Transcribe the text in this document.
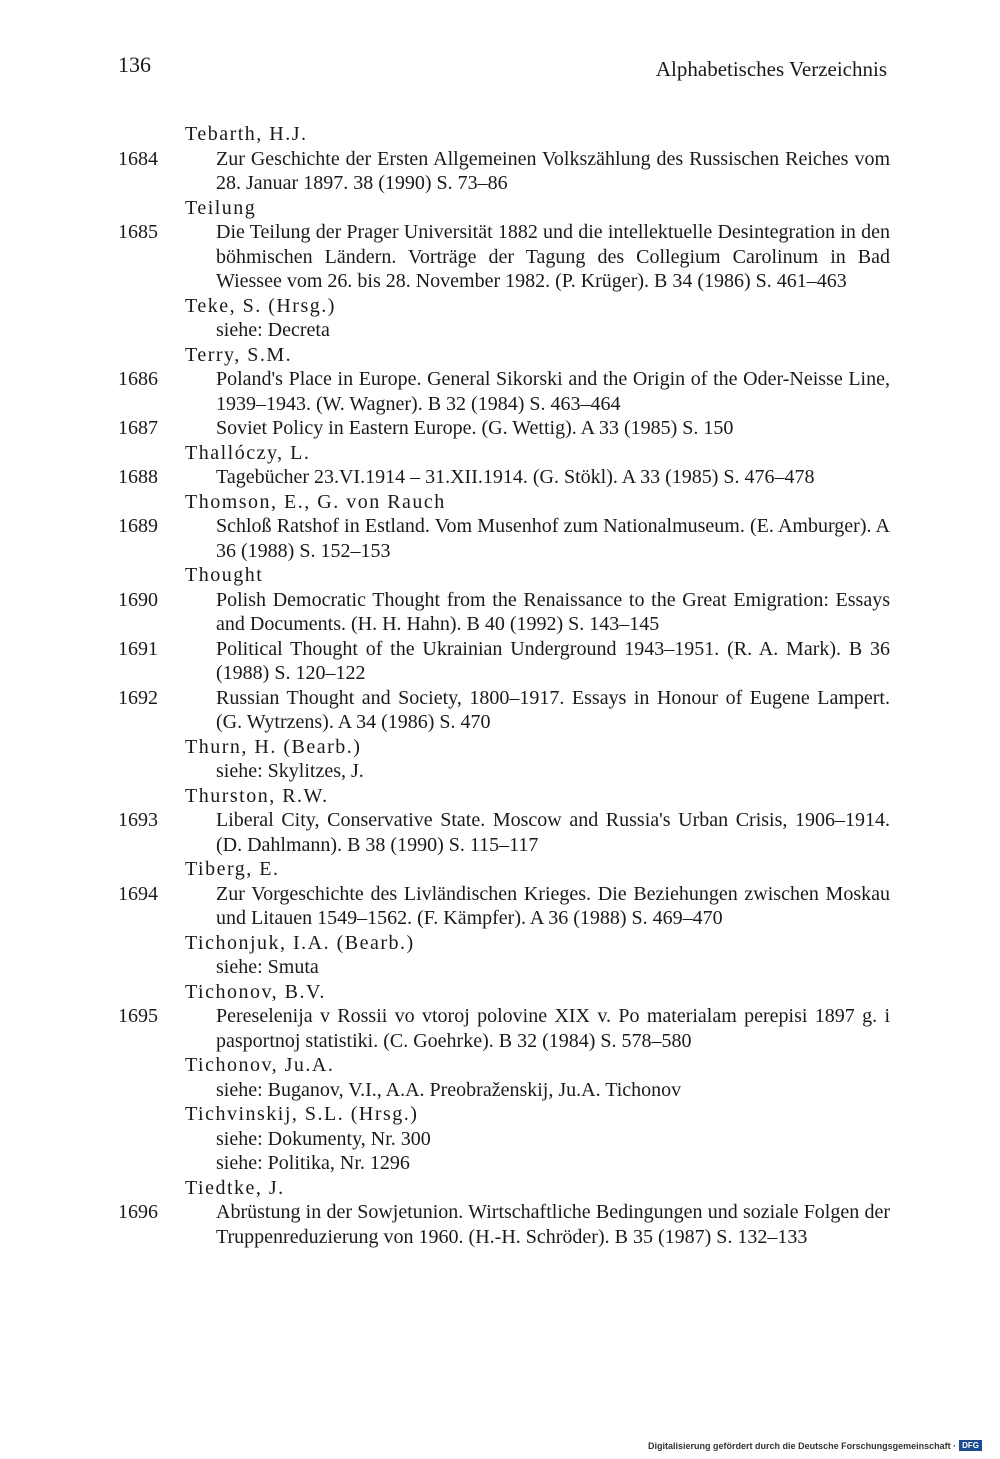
136	Alphabetisches Verzeichnis
Tebarth, H.J.
1684	Zur Geschichte der Ersten Allgemeinen Volkszählung des Russischen Reiches vom 28. Januar 1897. 38 (1990) S. 73–86
Teilung
1685	Die Teilung der Prager Universität 1882 und die intellektuelle Desintegration in den böhmischen Ländern. Vorträge der Tagung des Collegium Carolinum in Bad Wiessee vom 26. bis 28. November 1982. (P. Krüger). B 34 (1986) S. 461–463
Teke, S. (Hrsg.)
siehe: Decreta
Terry, S.M.
1686	Poland's Place in Europe. General Sikorski and the Origin of the Oder-Neisse Line, 1939–1943. (W. Wagner). B 32 (1984) S. 463–464
1687	Soviet Policy in Eastern Europe. (G. Wettig). A 33 (1985) S. 150
Thallóczy, L.
1688	Tagebücher 23.VI.1914 – 31.XII.1914. (G. Stökl). A 33 (1985) S. 476–478
Thomson, E., G. von Rauch
1689	Schloß Ratshof in Estland. Vom Musenhof zum Nationalmuseum. (E. Amburger). A 36 (1988) S. 152–153
Thought
1690	Polish Democratic Thought from the Renaissance to the Great Emigration: Essays and Documents. (H. H. Hahn). B 40 (1992) S. 143–145
1691	Political Thought of the Ukrainian Underground 1943–1951. (R. A. Mark). B 36 (1988) S. 120–122
1692	Russian Thought and Society, 1800–1917. Essays in Honour of Eugene Lampert. (G. Wytrzens). A 34 (1986) S. 470
Thurn, H. (Bearb.)
siehe: Skylitzes, J.
Thurston, R.W.
1693	Liberal City, Conservative State. Moscow and Russia's Urban Crisis, 1906–1914. (D. Dahlmann). B 38 (1990) S. 115–117
Tiberg, E.
1694	Zur Vorgeschichte des Livländischen Krieges. Die Beziehungen zwischen Moskau und Litauen 1549–1562. (F. Kämpfer). A 36 (1988) S. 469–470
Tichonjuk, I.A. (Bearb.)
siehe: Smuta
Tichonov, B.V.
1695	Pereselenija v Rossii vo vtoroj polovine XIX v. Po materialam perepisi 1897 g. i pasportnoj statistiki. (C. Goehrke). B 32 (1984) S. 578–580
Tichonov, Ju.A.
siehe: Buganov, V.I., A.A. Preobraženskij, Ju.A. Tichonov
Tichvinskij, S.L. (Hrsg.)
siehe: Dokumenty, Nr. 300
siehe: Politika, Nr. 1296
Tiedtke, J.
1696	Abrüstung in der Sowjetunion. Wirtschaftliche Bedingungen und soziale Folgen der Truppenreduzierung von 1960. (H.-H. Schröder). B 35 (1987) S. 132–133
Digitalisierung gefördert durch die Deutsche Forschungsgemeinschaft · DFG
